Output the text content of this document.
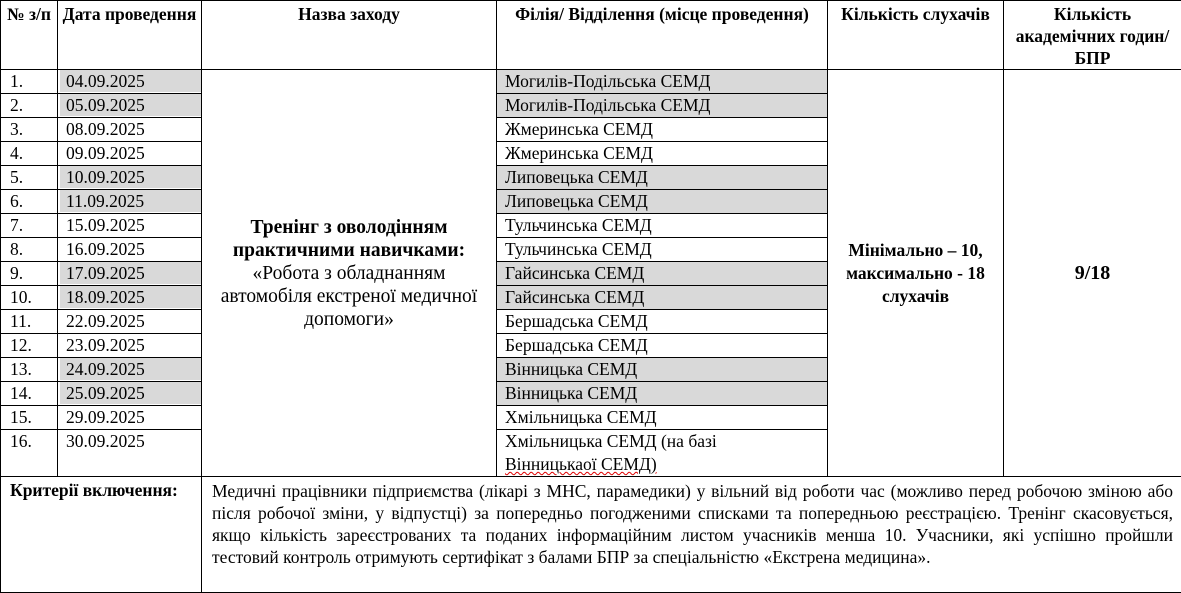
№ з/п	Дата проведення	Назва заходу	Філія/ Відділення (місце проведення)	Кількість слухачів	Кількість академічних годин/БПР
1.	04.09.2025	Тренінг з оволодінням практичними навичками: «Робота з обладнанням автомобіля екстреної медичної допомоги»	Могилів-Подільська СЕМД	Мінімально – 10, максимально - 18 слухачів	9/18
2.	05.09.2025		Могилів-Подільська СЕМД		
3.	08.09.2025		Жмеринська СЕМД		
4.	09.09.2025		Жмеринська СЕМД		
5.	10.09.2025		Липовецька СЕМД		
6.	11.09.2025		Липовецька СЕМД		
7.	15.09.2025		Тульчинська СЕМД		
8.	16.09.2025		Тульчинська СЕМД		
9.	17.09.2025		Гайсинська СЕМД		
10.	18.09.2025		Гайсинська СЕМД		
11.	22.09.2025		Бершадська СЕМД		
12.	23.09.2025		Бершадська СЕМД		
13.	24.09.2025		Вінницька СЕМД		
14.	25.09.2025		Вінницька СЕМД		
15.	29.09.2025		Хмільницька СЕМД		
16.	30.09.2025		Хмільницька СЕМД (на базі
Вінницькаої СЕМД)		
Критерії включення:		Медичні працівники підприємства (лікарі з МНС, парамедики) у вільний від роботи час (можливо перед робочою зміною або після робочої зміни, у відпустці) за попередньо погодженими списками та попередньою реєстрацією. Тренінг скасовується, якщо кількість зареєстрованих та поданих інформаційним листом учасників менша 10. Учасники, які успішно пройшли тестовий контроль отримують сертифікат з балами БПР за спеціальністю «Екстрена медицина».			
